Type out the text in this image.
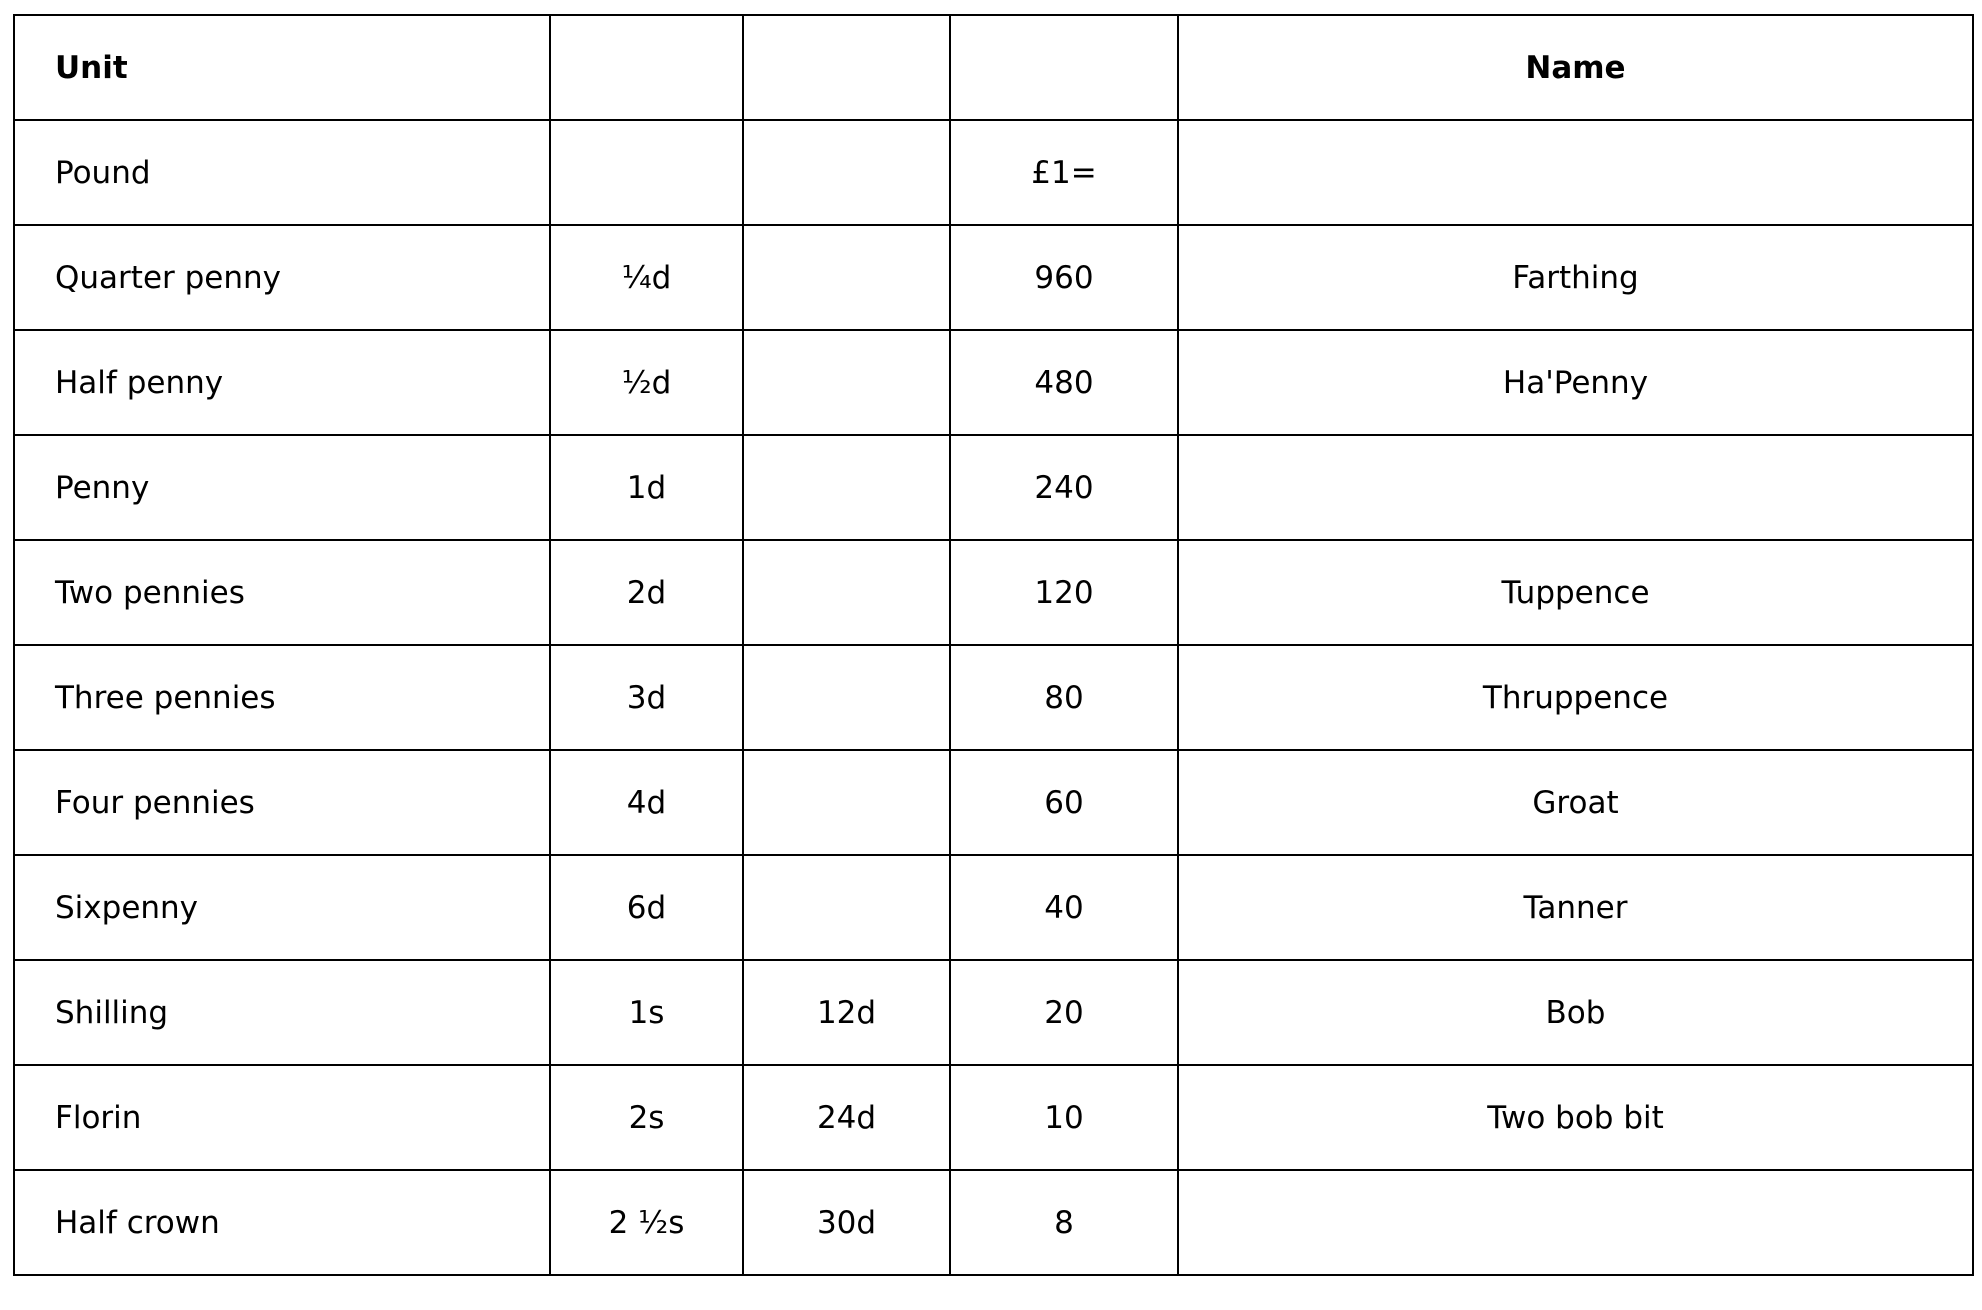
Unit				Name
Pound			£1=	
Quarter penny	¼d		960	Farthing
Half penny	½d		480	Ha'Penny
Penny	1d		240	
Two pennies	2d		120	Tuppence
Three pennies	3d		80	Thruppence
Four pennies	4d		60	Groat
Sixpenny	6d		40	Tanner
Shilling	1s	12d	20	Bob
Florin	2s	24d	10	Two bob bit
Half crown	2 ½s	30d	8	
